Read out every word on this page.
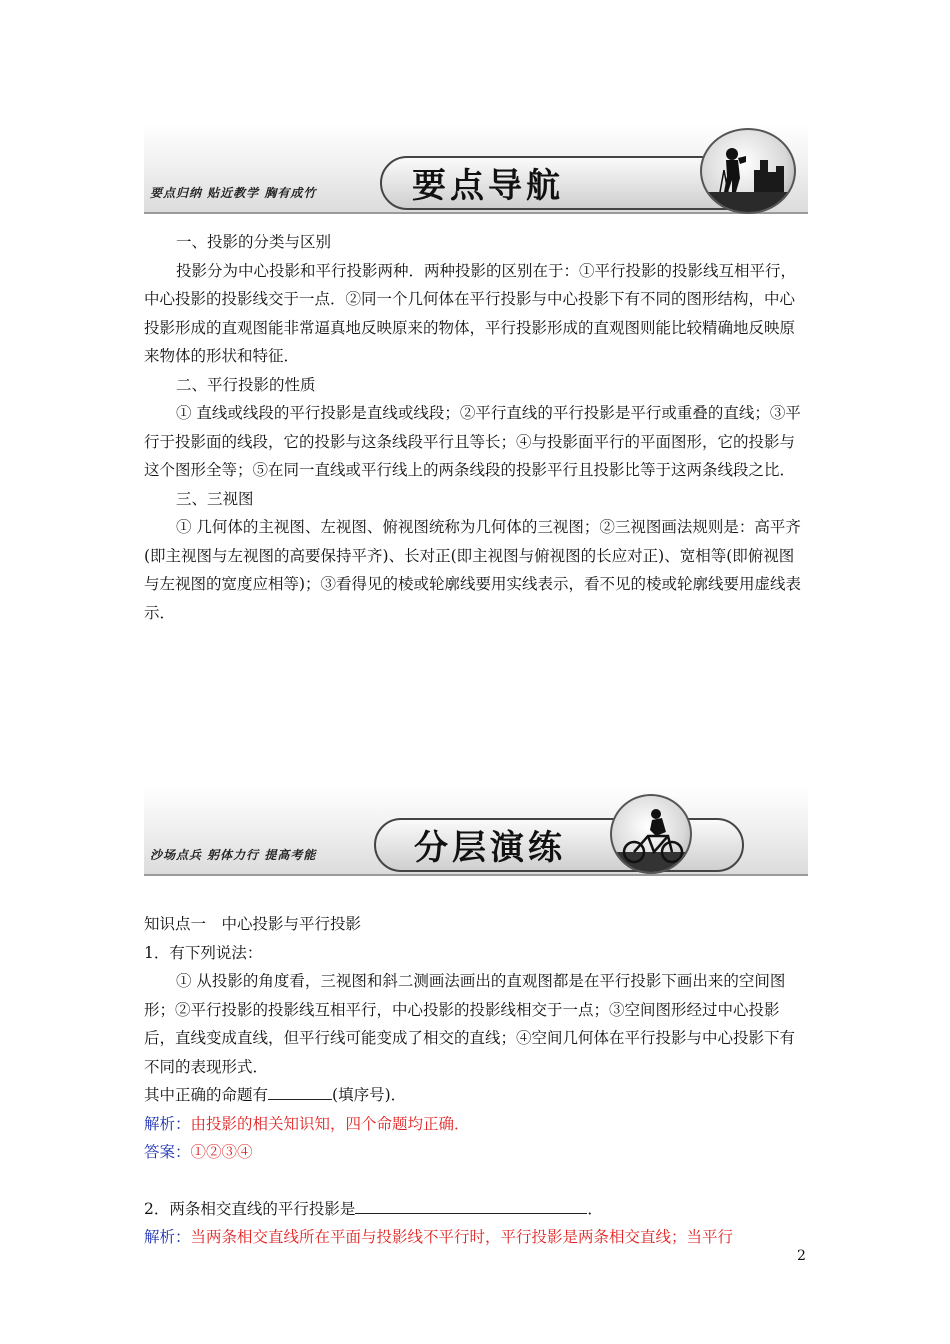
要点归纳 贴近教学 胸有成竹	要点导航

一、投影的分类与区别

投影分为中心投影和平行投影两种．两种投影的区别在于：①平行投影的投影线互相平行，中心投影的投影线交于一点．②同一个几何体在平行投影与中心投影下有不同的图形结构，中心投影形成的直观图能非常逼真地反映原来的物体，平行投影形成的直观图则能比较精确地反映原来物体的形状和特征．

二、平行投影的性质

① 直线或线段的平行投影是直线或线段；②平行直线的平行投影是平行或重叠的直线；③平行于投影面的线段，它的投影与这条线段平行且等长；④与投影面平行的平面图形，它的投影与这个图形全等；⑤在同一直线或平行线上的两条线段的投影平行且投影比等于这两条线段之比．

三、三视图

① 几何体的主视图、左视图、俯视图统称为几何体的三视图；②三视图画法规则是：高平齐(即主视图与左视图的高要保持平齐)、长对正(即主视图与俯视图的长应对正)、宽相等(即俯视图与左视图的宽度应相等)；③看得见的棱或轮廓线要用实线表示，看不见的棱或轮廓线要用虚线表示．

沙场点兵 躬体力行 提高考能	分层演练

知识点一　中心投影与平行投影

1．有下列说法：

① 从投影的角度看，三视图和斜二测画法画出的直观图都是在平行投影下画出来的空间图形；②平行投影的投影线互相平行，中心投影的投影线相交于一点；③空间图形经过中心投影后，直线变成直线，但平行线可能变成了相交的直线；④空间几何体在平行投影与中心投影下有不同的表现形式．

其中正确的命题有	(填序号)．

解析：由投影的相关知识知，四个命题均正确．

答案：①②③④

2．两条相交直线的平行投影是	．

解析：当两条相交直线所在平面与投影线不平行时，平行投影是两条相交直线；当平行

2
